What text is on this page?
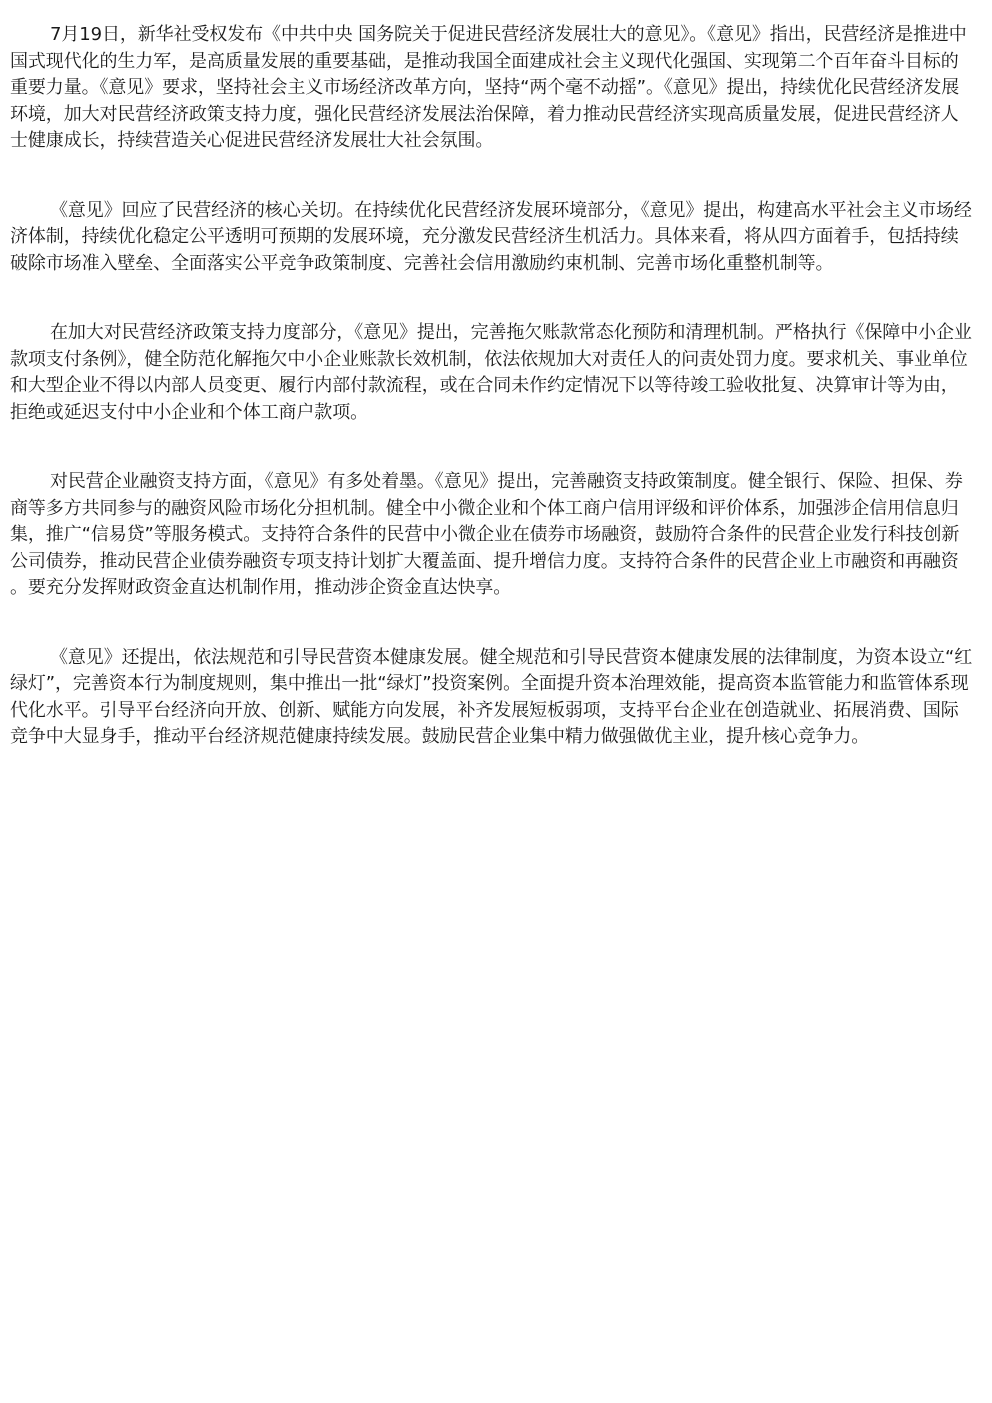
7月19日，新华社受权发布《中共中央 国务院关于促进民营经济发展壮大的意见》。《意见》指出，民营经济是推进中国式现代化的生力军，是高质量发展的重要基础，是推动我国全面建成社会主义现代化强国、实现第二个百年奋斗目标的重要力量。《意见》要求，坚持社会主义市场经济改革方向，坚持“两个毫不动摇”。《意见》提出，持续优化民营经济发展环境，加大对民营经济政策支持力度，强化民营经济发展法治保障，着力推动民营经济实现高质量发展，促进民营经济人士健康成长，持续营造关心促进民营经济发展壮大社会氛围。

《意见》回应了民营经济的核心关切。在持续优化民营经济发展环境部分，《意见》提出，构建高水平社会主义市场经济体制，持续优化稳定公平透明可预期的发展环境，充分激发民营经济生机活力。具体来看，将从四方面着手，包括持续破除市场准入壁垒、全面落实公平竞争政策制度、完善社会信用激励约束机制、完善市场化重整机制等。

在加大对民营经济政策支持力度部分，《意见》提出，完善拖欠账款常态化预防和清理机制。严格执行《保障中小企业款项支付条例》，健全防范化解拖欠中小企业账款长效机制，依法依规加大对责任人的问责处罚力度。要求机关、事业单位和大型企业不得以内部人员变更、履行内部付款流程，或在合同未作约定情况下以等待竣工验收批复、决算审计等为由，拒绝或延迟支付中小企业和个体工商户款项。

对民营企业融资支持方面，《意见》有多处着墨。《意见》提出，完善融资支持政策制度。健全银行、保险、担保、券商等多方共同参与的融资风险市场化分担机制。健全中小微企业和个体工商户信用评级和评价体系，加强涉企信用信息归集，推广“信易贷”等服务模式。支持符合条件的民营中小微企业在债券市场融资，鼓励符合条件的民营企业发行科技创新公司债券，推动民营企业债券融资专项支持计划扩大覆盖面、提升增信力度。支持符合条件的民营企业上市融资和再融资。要充分发挥财政资金直达机制作用，推动涉企资金直达快享。

《意见》还提出，依法规范和引导民营资本健康发展。健全规范和引导民营资本健康发展的法律制度，为资本设立“红绿灯”，完善资本行为制度规则，集中推出一批“绿灯”投资案例。全面提升资本治理效能，提高资本监管能力和监管体系现代化水平。引导平台经济向开放、创新、赋能方向发展，补齐发展短板弱项，支持平台企业在创造就业、拓展消费、国际竞争中大显身手，推动平台经济规范健康持续发展。鼓励民营企业集中精力做强做优主业，提升核心竞争力。
